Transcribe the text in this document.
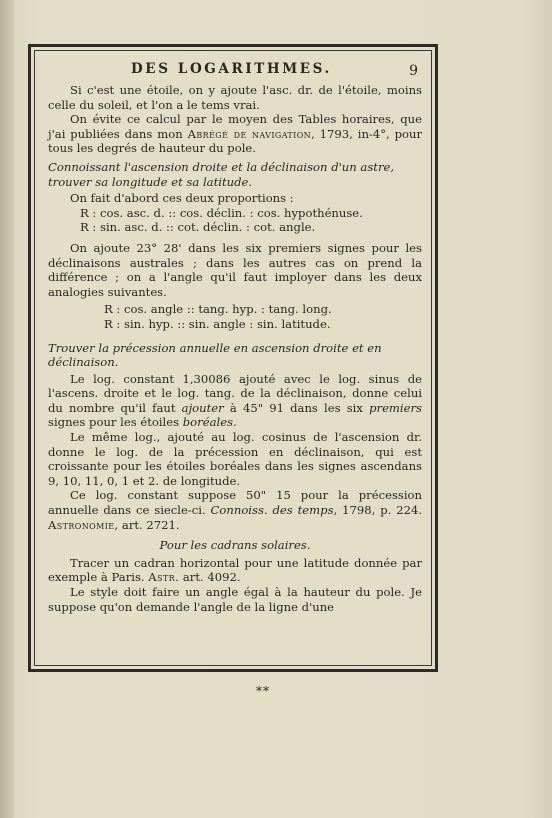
DES LOGARITHMES.	9

Si c'est une étoile, on y ajoute l'asc. dr. de l'étoile, moins celle du soleil, et l'on a le tems vrai.

On évite ce calcul par le moyen des Tables horaires, que j'ai publiées dans mon Abrégé de navigation, 1793, in-4°, pour tous les degrés de hauteur du pole.

Connoissant l'ascension droite et la déclinaison d'un astre, trouver sa longitude et sa latitude.

On fait d'abord ces deux proportions :

R : cos. asc. d. :: cos. déclin. : cos. hypothénuse.

R : sin. asc. d. :: cot. déclin. : cot. angle.

On ajoute 23° 28' dans les six premiers signes pour les déclinaisons australes ; dans les autres cas on prend la différence ; on a l'angle qu'il faut imployer dans les deux analogies suivantes.

R : cos. angle :: tang. hyp. : tang. long.

R : sin. hyp. :: sin. angle : sin. latitude.

Trouver la précession annuelle en ascension droite et en déclinaison.

Le log. constant 1,30086 ajouté avec le log. sinus de l'ascens. droite et le log. tang. de la déclinaison, donne celui du nombre qu'il faut ajouter à 45" 91 dans les six premiers signes pour les étoiles boréales.

Le même log., ajouté au log. cosinus de l'ascension dr. donne le log. de la précession en déclinaison, qui est croissante pour les étoiles boréales dans les signes ascendans 9, 10, 11, 0, 1 et 2. de longitude.

Ce log. constant suppose 50" 15 pour la précession annuelle dans ce siecle-ci. Connoiss. des temps, 1798, p. 224. Astronomie, art. 2721.

Pour les cadrans solaires.

Tracer un cadran horizontal pour une latitude donnée par exemple à Paris. Astr. art. 4092.

Le style doit faire un angle égal à la hauteur du pole. Je suppose qu'on demande l'angle de la ligne d'une

**
